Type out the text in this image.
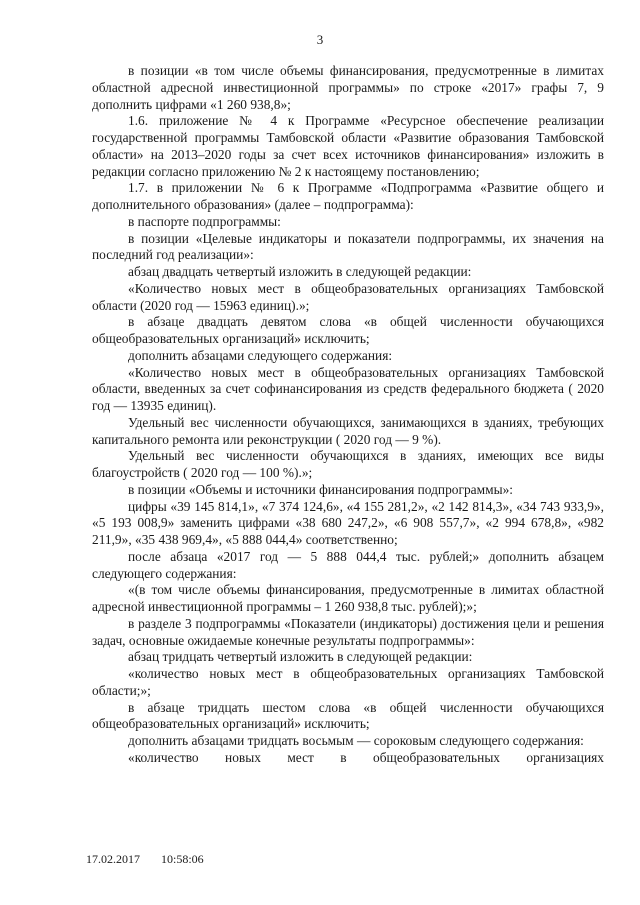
3

в позиции «в том числе объемы финансирования, предусмотренные в лимитах областной адресной инвестиционной программы» по строке «2017» графы 7, 9 дополнить цифрами «1 260 938,8»;

1.6. приложение № 4 к Программе «Ресурсное обеспечение реализации государственной программы Тамбовской области «Развитие образования Тамбовской области» на 2013–2020 годы за счет всех источников финансирования» изложить в редакции согласно приложению № 2 к настоящему постановлению;

1.7. в приложении № 6 к Программе «Подпрограмма «Развитие общего и дополнительного образования» (далее – подпрограмма):

в паспорте подпрограммы:

в позиции «Целевые индикаторы и показатели подпрограммы, их значения на последний год реализации»:

абзац двадцать четвертый изложить в следующей редакции:

«Количество новых мест в общеобразовательных организациях Тамбовской области (2020 год — 15963 единиц).»;

в абзаце двадцать девятом слова «в общей численности обучающихся общеобразовательных организаций» исключить;

дополнить абзацами следующего содержания:

«Количество новых мест в общеобразовательных организациях Тамбовской области, введенных за счет софинансирования из средств федерального бюджета ( 2020 год — 13935 единиц).

Удельный вес численности обучающихся, занимающихся в зданиях, требующих капитального ремонта или реконструкции ( 2020 год — 9 %).

Удельный вес численности обучающихся в зданиях, имеющих все виды благоустройств ( 2020 год — 100 %).»;

в позиции «Объемы и источники финансирования подпрограммы»:

цифры «39 145 814,1», «7 374 124,6», «4 155 281,2», «2 142 814,3», «34 743 933,9», «5 193 008,9» заменить цифрами «38 680 247,2», «6 908 557,7», «2 994 678,8», «982 211,9», «35 438 969,4», «5 888 044,4» соответственно;

после абзаца «2017 год — 5 888 044,4 тыс. рублей;» дополнить абзацем следующего содержания:

«(в том числе объемы финансирования, предусмотренные в лимитах областной адресной инвестиционной программы – 1 260 938,8 тыс. рублей);»;

в разделе 3 подпрограммы «Показатели (индикаторы) достижения цели и решения задач, основные ожидаемые конечные результаты подпрограммы»:

абзац тридцать четвертый изложить в следующей редакции:

«количество новых мест в общеобразовательных организациях Тамбовской области;»;

в абзаце тридцать шестом слова «в общей численности обучающихся общеобразовательных организаций» исключить;

дополнить абзацами тридцать восьмым — сороковым следующего содержания:

«количество новых мест в общеобразовательных организациях

17.02.2017 10:58:06
